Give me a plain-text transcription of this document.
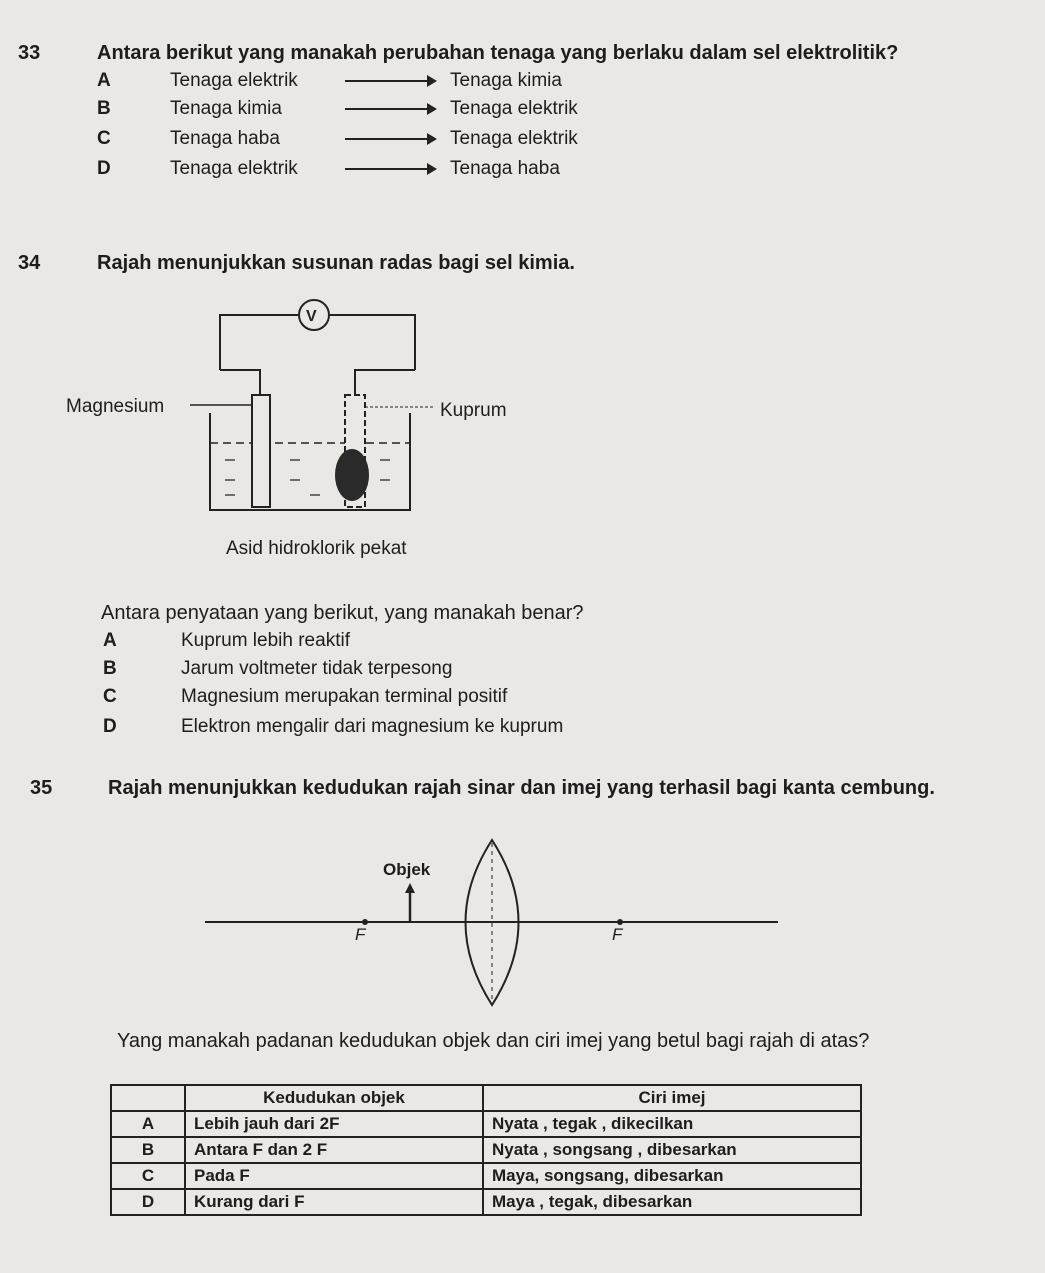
33	Antara berikut yang manakah perubahan tenaga yang berlaku dalam sel elektrolitik?
A	Tenaga elektrik	Tenaga kimia
B	Tenaga kimia	Tenaga elektrik
C	Tenaga haba	Tenaga elektrik
D	Tenaga elektrik	Tenaga haba
34	Rajah menunjukkan susunan radas bagi sel kimia.
V
Magnesium	Kuprum
Asid hidroklorik pekat
Antara penyataan yang berikut, yang manakah benar?
A	Kuprum lebih reaktif
B	Jarum voltmeter tidak terpesong
C	Magnesium merupakan terminal positif
D	Elektron mengalir dari magnesium ke kuprum
35	Rajah menunjukkan kedudukan rajah sinar dan imej yang terhasil bagi kanta cembung.
Objek
F	F
Yang manakah padanan kedudukan objek dan ciri imej yang betul bagi rajah di atas?
	Kedudukan objek	Ciri imej
A	Lebih jauh dari 2F	Nyata , tegak , dikecilkan
B	Antara F dan 2 F	Nyata , songsang , dibesarkan
C	Pada F	Maya, songsang, dibesarkan
D	Kurang dari F	Maya , tegak, dibesarkan
